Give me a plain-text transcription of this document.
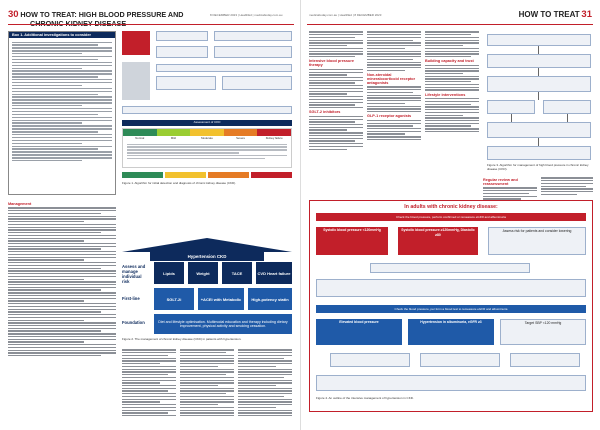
30 HOW TO TREAT: HIGH BLOOD PRESSURE AND	8 DECEMBER 2023 | HealthEd | medicaltoday.com.au
Box 1. Additional investigations to consider
Assessment of CKD
Normal	Mild	Moderate	Severe	Kidney failure
Figure 1. Algorithm for initial detection and diagnosis of chronic kidney disease (CKD).
Management
Hypertension CKD
Assess and manage individual risk
Lipids	Weight	TACE	CVD Heart failure
First-line	SGLT-2i	+ACEi with Metabolic	High-potency statin
Foundation	Diet and lifestyle optimisation. Multimodal education and therapy including dietary improvement, physical activity and smoking cessation.
Figure 2. The management of chronic kidney disease (CKD) in patients with hypertension.
medicaltoday.com.au | HealthEd | 8 DECEMBER 2023	HOW TO TREAT 31
Intensive blood pressure therapy
SGLT-2 inhibitors
Non-steroidal mineralocorticoid receptor antagonists
GLP-1 receptor agonists
Building capacity and trust
Lifestyle interventions
Figure 3. Algorithm for management of high blood pressure in chronic kidney disease (CKD).
Regular review and reassessment
In adults with chronic kidney disease:
Check the blood pressure, perform confirmed or remeasure eGFR and albuminuria
Systolic blood pressure <120mmHg	Systolic blood pressure ≥120mmHg, Diastolic ≥80
Assess risk for patients and consider lowering
Check the blood pressure, per form a blood test to remeasure eGFR and albuminuria
Elevated blood pressure	Hypertension in albuminuria, eGFR ≥3	Target SBP <120 mmHg
Figure 4. An outline of the intensive management of hypertension in CKD.
